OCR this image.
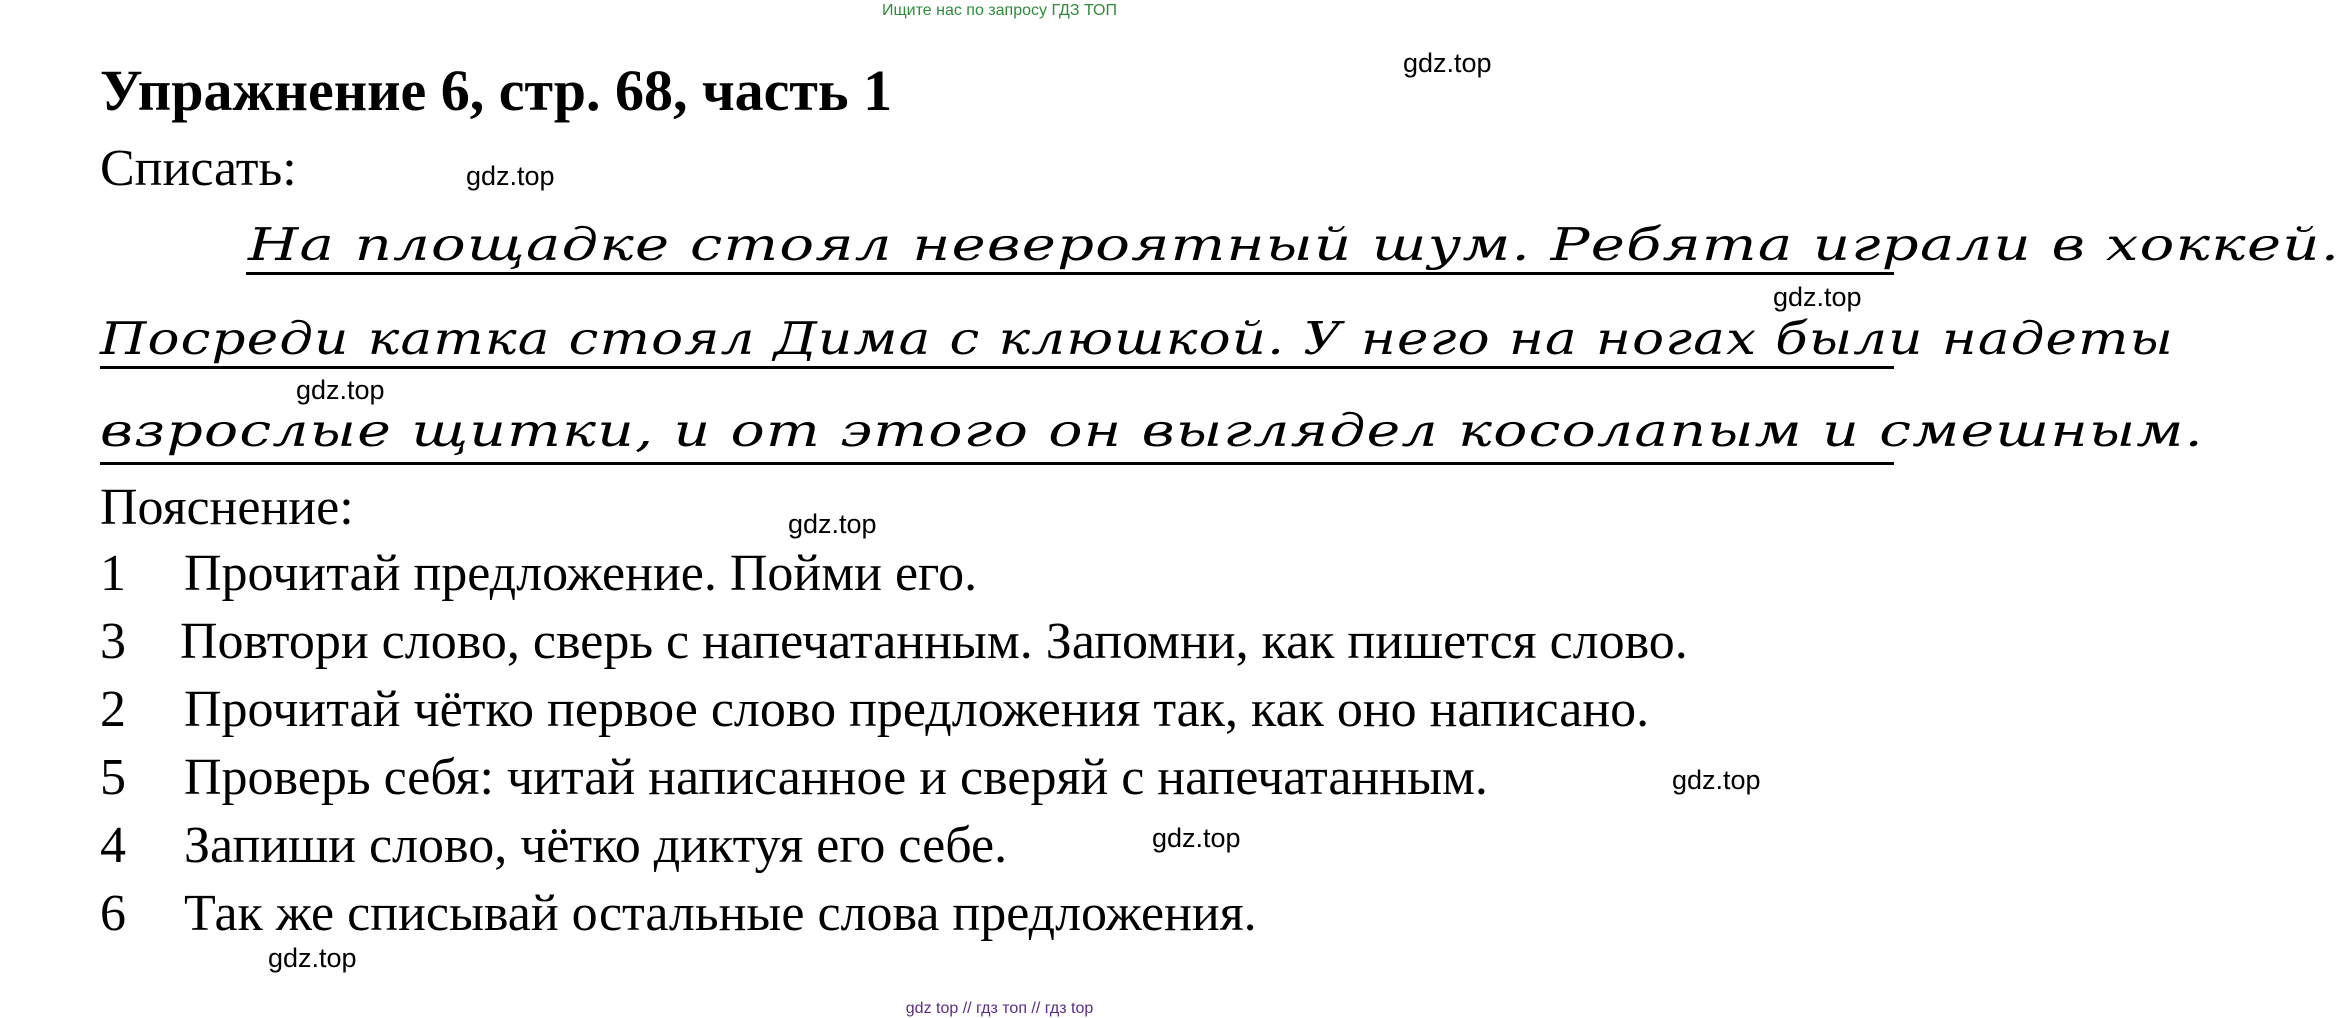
Ищите нас по запросу ГДЗ ТОП
Упражнение 6, стр. 68, часть 1
Списать:
На площадке стоял невероятный шум. Ребята играли в хоккей.
Посреди катка стоял Дима с клюшкой. У него на ногах были надеты
взрослые щитки, и от этого он выглядел косолапым и смешным.
Пояснение:
1 Прочитай предложение. Пойми его.
3 Повтори слово, сверь с напечатанным. Запомни, как пишется слово.
2 Прочитай чётко первое слово предложения так, как оно написано.
5 Проверь себя: читай написанное и сверяй с напечатанным.
4 Запиши слово, чётко диктуя его себе.
6 Так же списывай остальные слова предложения.
gdz.top
gdz.top
gdz.top
gdz.top
gdz.top
gdz.top
gdz.top
gdz.top
gdz top // гдз топ // гдз top
